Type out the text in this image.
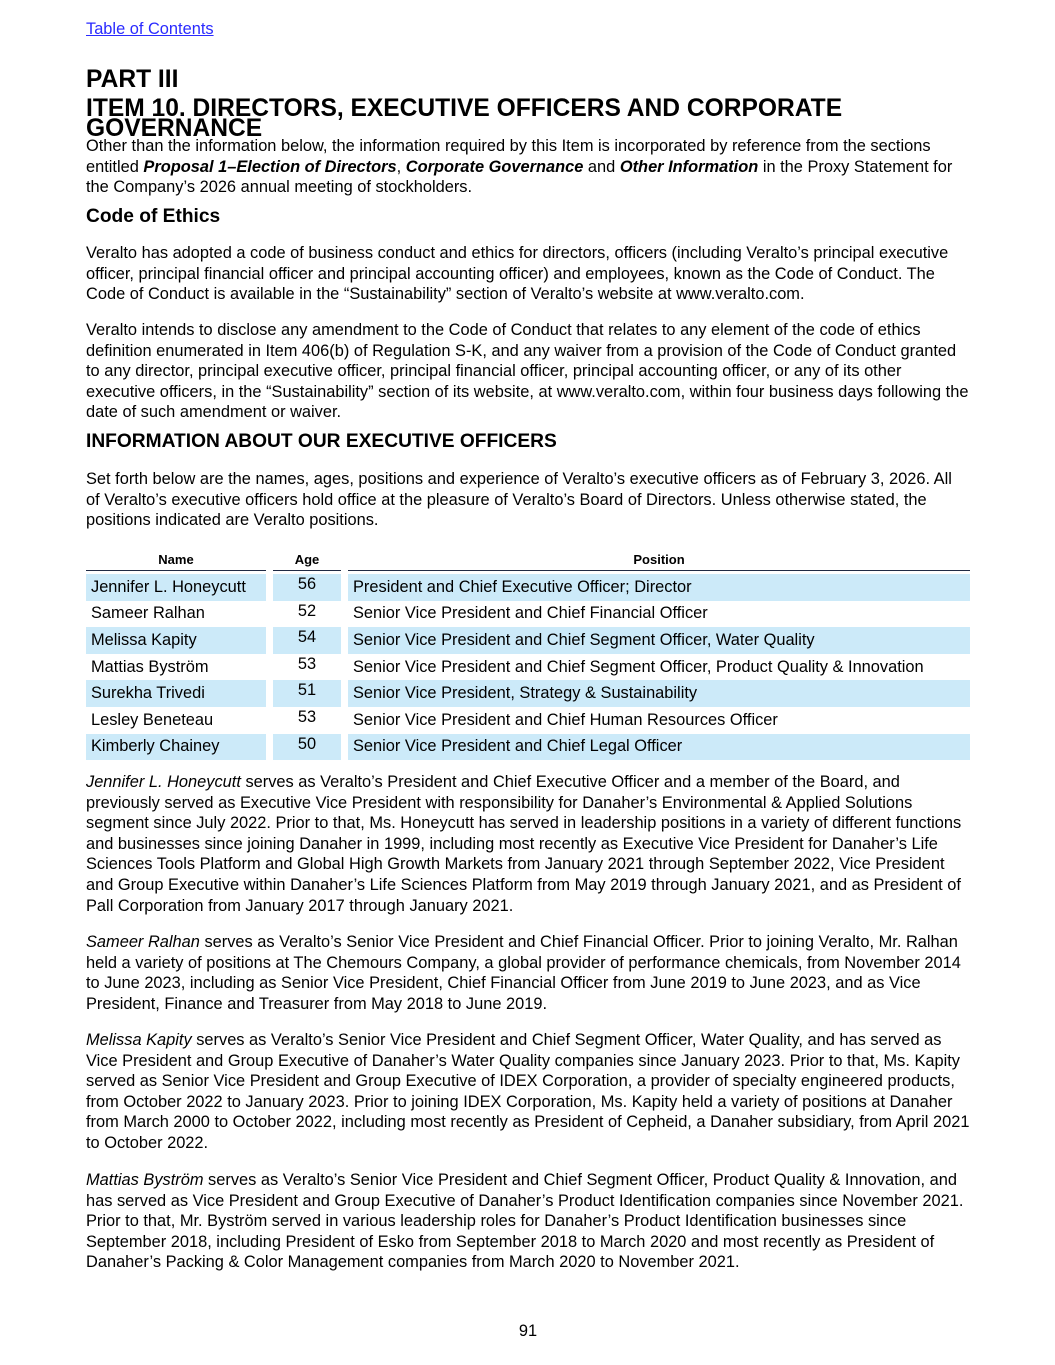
Table of Contents
PART III
ITEM 10. DIRECTORS, EXECUTIVE OFFICERS AND CORPORATE GOVERNANCE

Other than the information below, the information required by this Item is incorporated by reference from the sections entitled Proposal 1–Election of Directors, Corporate Governance and Other Information in the Proxy Statement for the Company’s 2026 annual meeting of stockholders.

Code of Ethics

Veralto has adopted a code of business conduct and ethics for directors, officers (including Veralto’s principal executive officer, principal financial officer and principal accounting officer) and employees, known as the Code of Conduct. The Code of Conduct is available in the “Sustainability” section of Veralto’s website at www.veralto.com.

Veralto intends to disclose any amendment to the Code of Conduct that relates to any element of the code of ethics definition enumerated in Item 406(b) of Regulation S-K, and any waiver from a provision of the Code of Conduct granted to any director, principal executive officer, principal financial officer, principal accounting officer, or any of its other executive officers, in the “Sustainability” section of its website, at www.veralto.com, within four business days following the date of such amendment or waiver.

INFORMATION ABOUT OUR EXECUTIVE OFFICERS

Set forth below are the names, ages, positions and experience of Veralto’s executive officers as of February 3, 2026. All of Veralto’s executive officers hold office at the pleasure of Veralto’s Board of Directors. Unless otherwise stated, the positions indicated are Veralto positions.

Name		Age		Position

Jennifer L. Honeycutt		56		President and Chief Executive Officer; Director
Sameer Ralhan		52		Senior Vice President and Chief Financial Officer
Melissa Kapity		54		Senior Vice President and Chief Segment Officer, Water Quality
Mattias Byström		53		Senior Vice President and Chief Segment Officer, Product Quality & Innovation
Surekha Trivedi		51		Senior Vice President, Strategy & Sustainability
Lesley Beneteau		53		Senior Vice President and Chief Human Resources Officer
Kimberly Chainey		50		Senior Vice President and Chief Legal Officer

Jennifer L. Honeycutt serves as Veralto’s President and Chief Executive Officer and a member of the Board, and previously served as Executive Vice President with responsibility for Danaher’s Environmental & Applied Solutions segment since July 2022. Prior to that, Ms. Honeycutt has served in leadership positions in a variety of different functions and businesses since joining Danaher in 1999, including most recently as Executive Vice President for Danaher’s Life Sciences Tools Platform and Global High Growth Markets from January 2021 through September 2022, Vice President and Group Executive within Danaher’s Life Sciences Platform from May 2019 through January 2021, and as President of Pall Corporation from January 2017 through January 2021.

Sameer Ralhan serves as Veralto’s Senior Vice President and Chief Financial Officer. Prior to joining Veralto, Mr. Ralhan held a variety of positions at The Chemours Company, a global provider of performance chemicals, from November 2014 to June 2023, including as Senior Vice President, Chief Financial Officer from June 2019 to June 2023, and as Vice President, Finance and Treasurer from May 2018 to June 2019.

Melissa Kapity serves as Veralto’s Senior Vice President and Chief Segment Officer, Water Quality, and has served as Vice President and Group Executive of Danaher’s Water Quality companies since January 2023. Prior to that, Ms. Kapity served as Senior Vice President and Group Executive of IDEX Corporation, a provider of specialty engineered products, from October 2022 to January 2023. Prior to joining IDEX Corporation, Ms. Kapity held a variety of positions at Danaher from March 2000 to October 2022, including most recently as President of Cepheid, a Danaher subsidiary, from April 2021 to October 2022.

Mattias Byström serves as Veralto’s Senior Vice President and Chief Segment Officer, Product Quality & Innovation, and has served as Vice President and Group Executive of Danaher’s Product Identification companies since November 2021. Prior to that, Mr. Byström served in various leadership roles for Danaher’s Product Identification businesses since September 2018, including President of Esko from September 2018 to March 2020 and most recently as President of Danaher’s Packing & Color Management companies from March 2020 to November 2021.

91
